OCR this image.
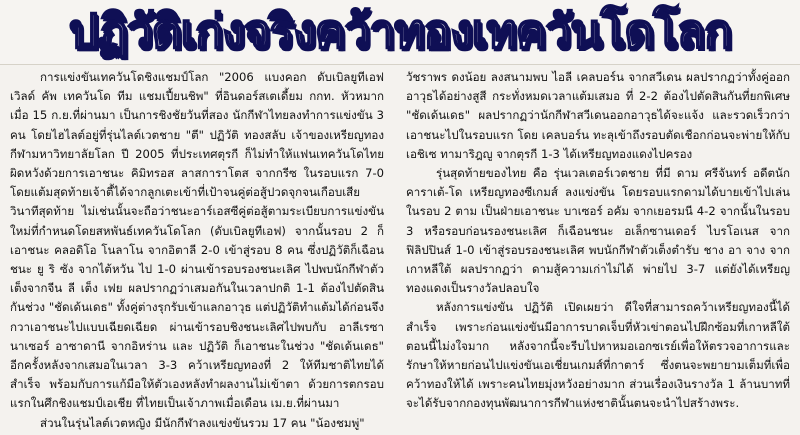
ปฏิวัติเก่งจริงคว้าทองเทควันโดโลก

การแข่งขันเทควันโดชิงแชมป์โลก "2006 แบงคอก ดับเบิลยูทีเอฟ เวิลด์ คัพ เทควันโด ทีม แชมเปี้ยนชิพ" ที่อินดอร์สเตเดี้ยม กกท. หัวหมาก เมื่อ 15 ก.ย.ที่ผ่านมา เป็นการชิงชัยวันที่สอง นักกีฬาไทยลงทำการแข่งขัน 3 คน โดยไฮไลต์อยู่ที่รุ่นไลต์เวตชาย "ตี" ปฏิวัติ ทองสลับ เจ้าของเหรียญทองกีฬามหาวิทยาลัยโลก ปี 2005 ที่ประเทศตุรกี ก็ไม่ทำให้แฟนเทควันโดไทยผิดหวังด้วยการเอาชนะ คิมิทรอส ลาสการาโตส จากกรีซ ในรอบแรก 7-0 โดยแต้มสุดท้ายเจ้าตี้ได้จากลูกเตะเข้าที่เป้าจนคู่ต่อสู้ปวดจุกจนเกือบเสียวินาทีสุดท้าย ไม่เช่นนั้นจะถือว่าชนะอาร์เอสซีคู่ต่อสู้ตามระเบียบการแข่งขันใหม่ที่กำหนดโดยสหพันธ์เทควันโดโลก (ดับเบิลยูทีเอฟ) จากนั้นรอบ 2 ก็เอาชนะ คลอดิโอ โนลาโน จากอิตาลี 2-0 เข้าสู่รอบ 8 คน ซึ่งปฏิวัติก็เฉือนชนะ ยู ริ ซัง จากไต้หวัน ไป 1-0 ผ่านเข้ารอบรองชนะเลิศ ไปพบนักกีฬาตัวเต็งจากจีน ลี เต็ง เฟย ผลปรากฏว่าเสมอกันในเวลาปกติ 1-1 ต้องไปตัดสินกันช่วง "ชัดเด้นเดธ" ทั้งคู่ต่างรุกรับเข้าแลกอาวุธ แต่ปฏิวัติทำแต้มได้ก่อนจึงกวาเอาชนะไปแบบเฉียดเฉียด ผ่านเข้ารอบชิงชนะเลิศไปพบกับ อาลีเรซา นาเซอร์ อาซาดานี จากอิหร่าน และ ปฏิวัติ ก็เอาชนะในช่วง "ชัดเด้นเดธ" อีกครั้งหลังจากเสมอในเวลา 3-3 คว้าเหรียญทองที่ 2 ให้ทีมชาติไทยได้สำเร็จ พร้อมกับการแก้มือให้ตัวเองหลังทำผลงานไม่เข้าตา ด้วยการตกรอบแรกในศึกชิงแชมป์เอเชีย ที่ไทยเป็นเจ้าภาพเมื่อเดือน เม.ย.ที่ผ่านมา

ส่วนในรุ่นไลต์เวตหญิง มีนักกีฬาลงแข่งขันรวม 17 คน "น้องชมพู่"

วัชราพร ดงน้อย ลงสนามพบ ไอลี เคลบอร์น จากสวีเดน ผลปรากฏว่าทั้งคู่ออกอาวุธได้อย่างสูสี กระทั่งหมดเวลาแต้มเสมอ ที่ 2-2 ต้องไปตัดสินกันที่ยกพิเศษ "ชัดเด้นเดธ" ผลปรากฏว่านักกีฬาสวีเดนออกอาวุธได้จะแจ้ง และรวดเร็วกว่า เอาชนะไปในรอบแรก โดย เคลบอร์น ทะลุเข้าถึงรอบตัดเชือกก่อนจะพ่ายให้กับ เอชิเซ ทามาริฎญู จากตุรกี 1-3 ได้เหรียญทองแดงไปครอง

รุ่นสุดท้ายของไทย คือ รุ่นเวลเตอร์เวตชาย ที่มี ดาม ศรีจันทร์ อดีตนักคาราเต้-โด เหรียญทองซีเกมส์ ลงแข่งขัน โดยรอบแรกดามได้บายเข้าไปเล่นในรอบ 2 ตาม เป็นฝ่ายเอาชนะ บาเซอร์ อคัม จากเยอรมนี 4-2 จากนั้นในรอบ 3 หรือรอบก่อนรองชนะเลิศ ก็เฉือนชนะ อเล็กซานเดอร์ ไบรโอเนส จากฟิลิปปินส์ 1-0 เข้าสู่รอบรองชนะเลิศ พบนักกีฬาตัวเต็งตำรับ ชาง อา จาง จากเกาหลีใต้ ผลปรากฏว่า ดามสู้ความเก่าไม่ได้ พ่ายไป 3-7 แต่ยังได้เหรียญทองแดงเป็นรางวัลปลอบใจ

หลังการแข่งขัน ปฏิวัติ เปิดเผยว่า ดีใจที่สามารถคว้าเหรียญทองนี้ได้สำเร็จ เพราะก่อนแข่งขันมีอาการบาดเจ็บที่หัวเข่าตอนไปฝึกซ้อมที่เกาหลีใต้ ตอนนี้ไม่งใจมาก หลังจากนี้จะรีบไปหาหมอเอกซเรย์เพื่อให้ตรวจอาการและรักษาให้หายก่อนไปแข่งขันเอเชี่ยนเกมส์ที่กาตาร์ ซึ่งตนจะพยายามเต็มที่เพื่อคว้าทองให้ได้ เพราะคนไทยมุ่งหวังอย่างมาก ส่วนเรื่องเงินรางวัล 1 ล้านบาทที่จะได้รับจากกองทุนพัฒนาการกีฬาแห่งชาตินั้นตนจะนำไปสร้างพระ.
